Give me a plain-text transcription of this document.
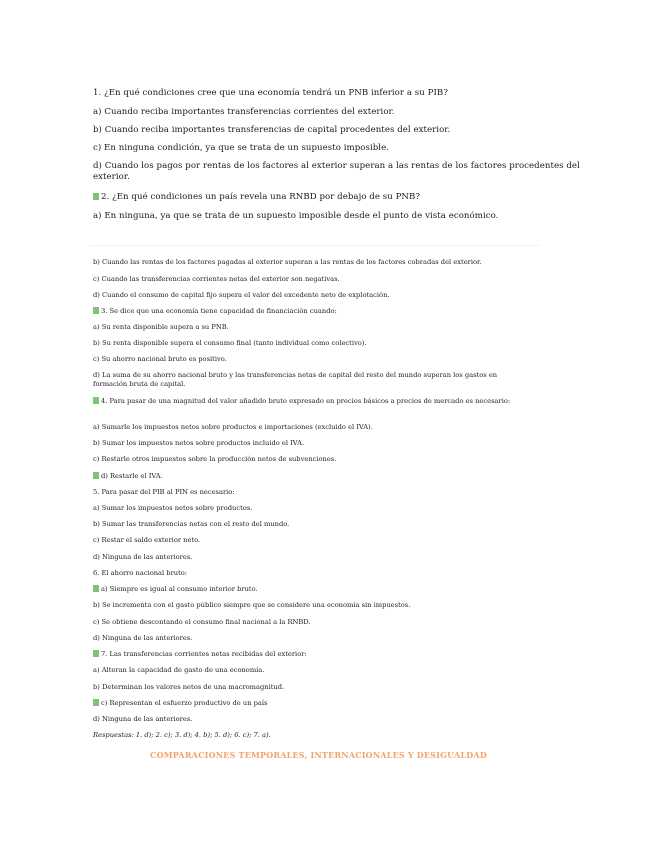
1. ¿En qué condiciones cree que una economía tendrá un PNB inferior a su PIB?
a) Cuando reciba importantes transferencias corrientes del exterior.
b) Cuando reciba importantes transferencias de capital procedentes del exterior.
c) En ninguna condición, ya que se trata de un supuesto imposible.
d) Cuando los pagos por rentas de los factores al exterior superan a las rentas de los factores procedentes del exterior.
2. ¿En qué condiciones un país revela una RNBD por debajo de su PNB?
a) En ninguna, ya que se trata de un supuesto imposible desde el punto de vista económico.
b) Cuando las rentas de los factores pagadas al exterior superan a las rentas de los factores cobradas del exterior.
c) Cuando las transferencias corrientes netas del exterior son negativas.
d) Cuando el consumo de capital fijo supera el valor del excedente neto de explotación.
3. Se dice que una economía tiene capacidad de financiación cuando:
a) Su renta disponible supera a su PNB.
b) Su renta disponible supera el consumo final (tanto individual como colectivo).
c) Su ahorro nacional bruto es positivo.
d) La suma de su ahorro nacional bruto y las transferencias netas de capital del resto del mundo superan los gastos en formación bruta de capital.
4. Para pasar de una magnitud del valor añadido bruto expresado en precios básicos a precios de mercado es necesario:
a) Sumarle los impuestos netos sobre productos e importaciones (excluido el IVA).
b) Sumar los impuestos netos sobre productos incluido el IVA.
c) Restarle otros impuestos sobre la producción netos de subvenciones.
d) Restarle el IVA.
5. Para pasar del PIB al PIN es necesario:
a) Sumar los impuestos netos sobre productos.
b) Sumar las transferencias netas con el resto del mundo.
c) Restar el saldo exterior neto.
d) Ninguna de las anteriores.
6. El ahorro nacional bruto:
a) Siempre es igual al consumo interior bruto.
b) Se incrementa con el gasto público siempre que se considere una economía sin impuestos.
c) Se obtiene descontando el consumo final nacional a la RNBD.
d) Ninguna de las anteriores.
7. Las transferencias corrientes netas recibidas del exterior:
a) Alteran la capacidad de gasto de una economía.
b) Determinan los valores netos de una macromagnitud.
c) Representan el esfuerzo productivo de un país
d) Ninguna de las anteriores.
Respuestas: 1. d); 2. c); 3. d); 4. b); 5. d); 6. c); 7. a).
COMPARACIONES TEMPORALES, INTERNACIONALES Y DESIGUALDAD
